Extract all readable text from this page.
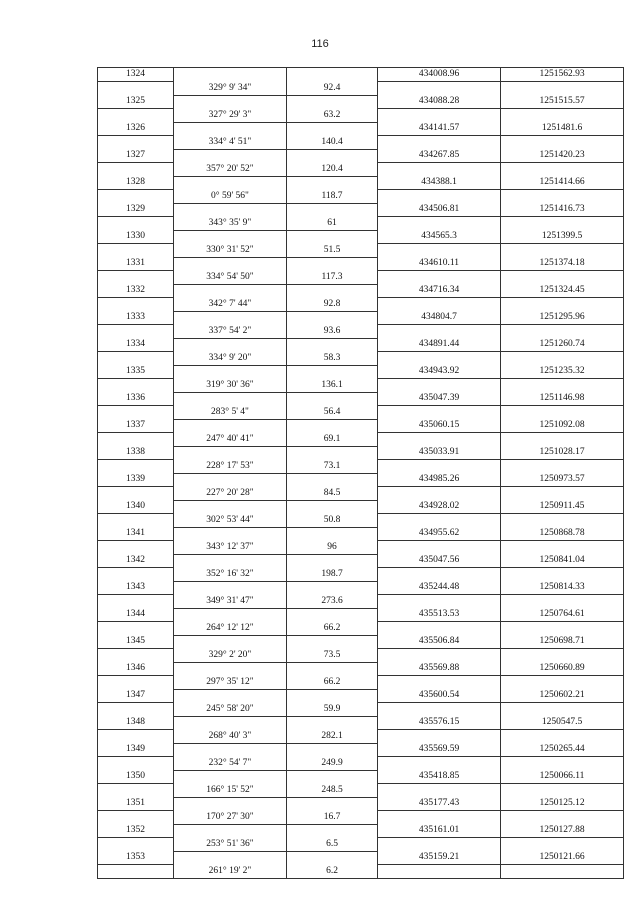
116
1324			434008.96	1251562.93
	329° 9' 34"	92.4		
1325			434088.28	1251515.57
	327° 29' 3"	63.2		
1326			434141.57	1251481.6
	334° 4' 51"	140.4		
1327			434267.85	1251420.23
	357° 20' 52"	120.4		
1328			434388.1	1251414.66
	0° 59' 56"	118.7		
1329			434506.81	1251416.73
	343° 35' 9"	61		
1330			434565.3	1251399.5
	330° 31' 52"	51.5		
1331			434610.11	1251374.18
	334° 54' 50"	117.3		
1332			434716.34	1251324.45
	342° 7' 44"	92.8		
1333			434804.7	1251295.96
	337° 54' 2"	93.6		
1334			434891.44	1251260.74
	334° 9' 20"	58.3		
1335			434943.92	1251235.32
	319° 30' 36"	136.1		
1336			435047.39	1251146.98
	283° 5' 4"	56.4		
1337			435060.15	1251092.08
	247° 40' 41"	69.1		
1338			435033.91	1251028.17
	228° 17' 53"	73.1		
1339			434985.26	1250973.57
	227° 20' 28"	84.5		
1340			434928.02	1250911.45
	302° 53' 44"	50.8		
1341			434955.62	1250868.78
	343° 12' 37"	96		
1342			435047.56	1250841.04
	352° 16' 32"	198.7		
1343			435244.48	1250814.33
	349° 31' 47"	273.6		
1344			435513.53	1250764.61
	264° 12' 12"	66.2		
1345			435506.84	1250698.71
	329° 2' 20"	73.5		
1346			435569.88	1250660.89
	297° 35' 12"	66.2		
1347			435600.54	1250602.21
	245° 58' 20"	59.9		
1348			435576.15	1250547.5
	268° 40' 3"	282.1		
1349			435569.59	1250265.44
	232° 54' 7"	249.9		
1350			435418.85	1250066.11
	166° 15' 52"	248.5		
1351			435177.43	1250125.12
	170° 27' 30"	16.7		
1352			435161.01	1250127.88
	253° 51' 36"	6.5		
1353			435159.21	1250121.66
	261° 19' 2"	6.2		
